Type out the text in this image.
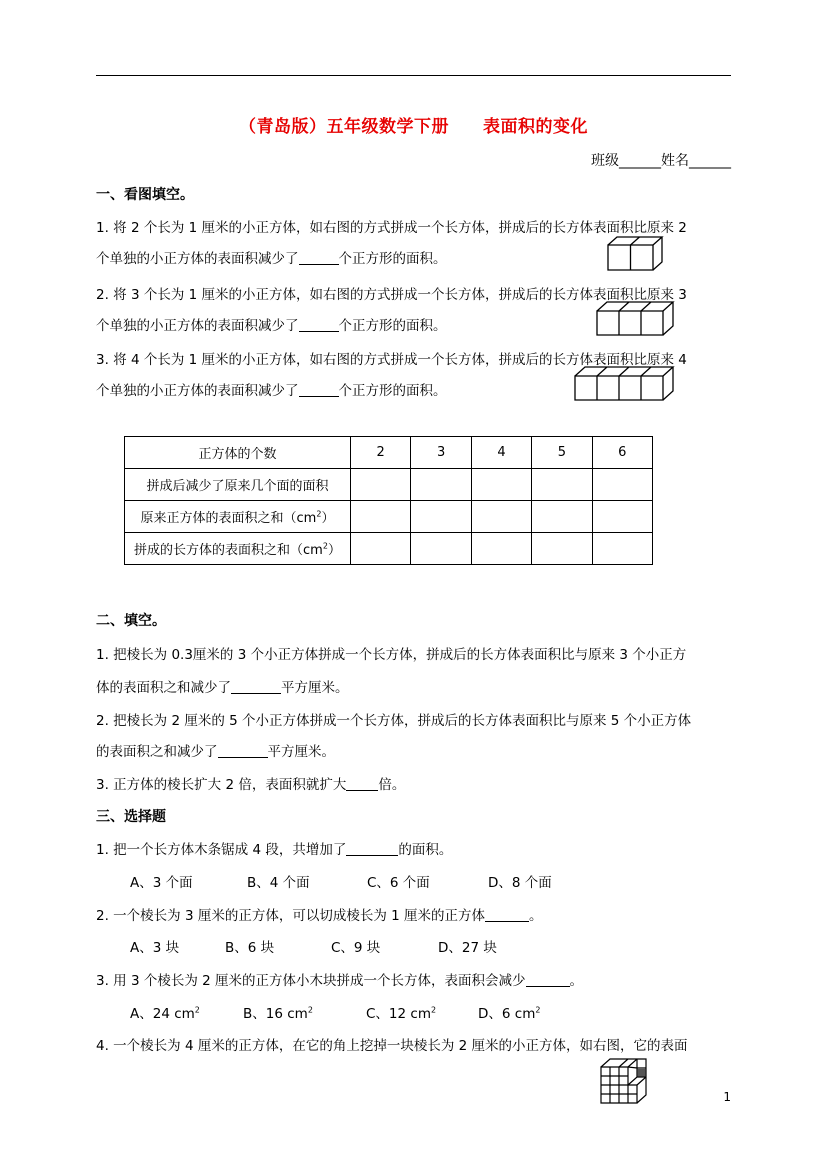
（青岛版）五年级数学下册 表面积的变化
班级______姓名______
一、看图填空。
1. 将 2 个长为 1 厘米的小正方体，如右图的方式拼成一个长方体，拼成后的长方体表面积比原来 2
个单独的小正方体的表面积减少了	个正方形的面积。
2. 将 3 个长为 1 厘米的小正方体，如右图的方式拼成一个长方体，拼成后的长方体表面积比原来 3
个单独的小正方体的表面积减少了	个正方形的面积。
3. 将 4 个长为 1 厘米的小正方体，如右图的方式拼成一个长方体，拼成后的长方体表面积比原来 4
个单独的小正方体的表面积减少了	个正方形的面积。
正方体的个数	2	3	4	5	6
拼成后减少了原来几个面的面积					
原来正方体的表面积之和$(cm^2)$					
拼成的长方体的表面积之和$(cm^2)$					
二、填空。
1. 把棱长为 0.3厘米的 3 个小正方体拼成一个长方体，拼成后的长方体表面积比与原来 3 个小正方
体的表面积之和减少了	平方厘米。
2. 把棱长为 2 厘米的 5 个小正方体拼成一个长方体，拼成后的长方体表面积比与原来 5 个小正方体
的表面积之和减少了	平方厘米。
3. 正方体的棱长扩大 2 倍，表面积就扩大 倍。
三、选择题
1. 把一个长方体木条锯成 4 段，共增加了	的面积。
A、3 个面	B、4 个面	C、6 个面	D、8 个面
2. 一个棱长为 3 厘米的正方体，可以切成棱长为 1 厘米的正方体	。
A、3 块	B、6 块	C、9 块	D、27 块
3. 用 3 个棱长为 2 厘米的正方体小木块拼成一个长方体，表面积会减少	。
A、24 $cm^2$	B、16 $cm^2$	C、12 $cm^2$	D、6 $cm^2$
4. 一个棱长为 4 厘米的正方体，在它的角上挖掉一块棱长为 2 厘米的小正方体，如右图，它的表面
1
